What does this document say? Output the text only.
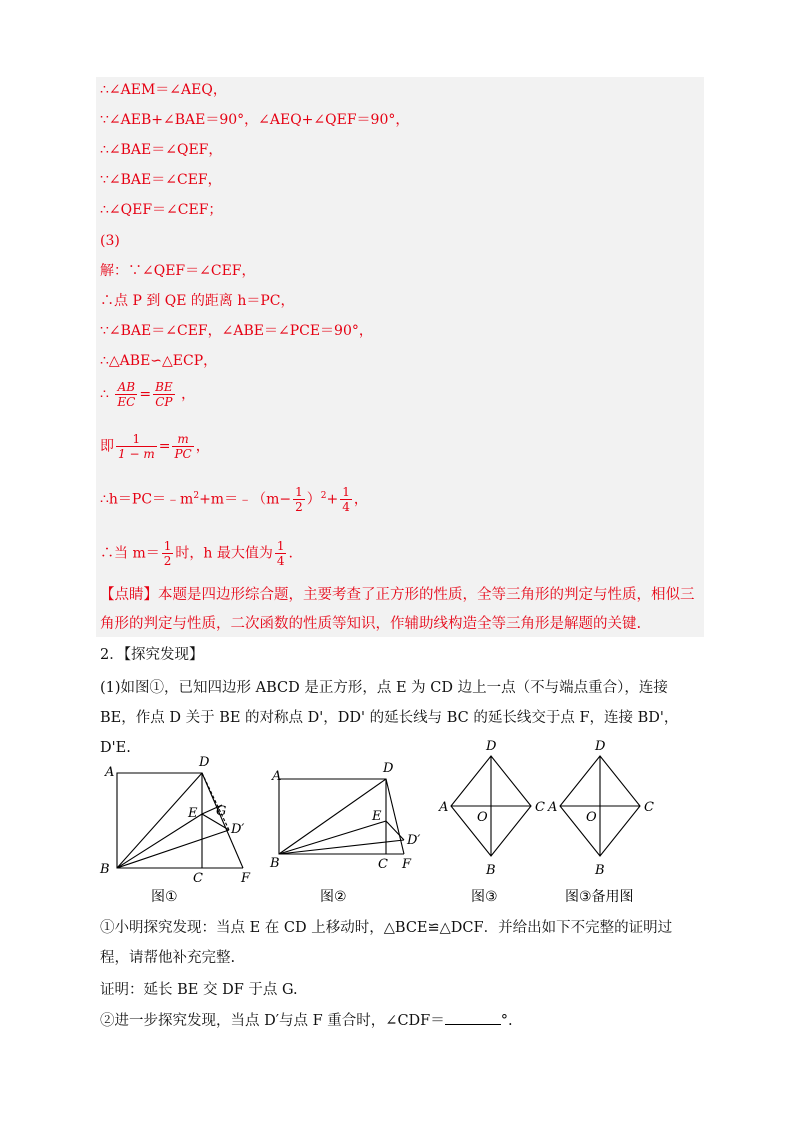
∴∠AEM＝∠AEQ，
∵∠AEB+∠BAE＝90°，∠AEQ+∠QEF＝90°，
∴∠BAE＝∠QEF，
∵∠BAE＝∠CEF，
∴∠QEF＝∠CEF；
(3)
解：∵∠QEF＝∠CEF，
∴点 P 到 QE 的距离 h＝PC，
∵∠BAE＝∠CEF，∠ABE＝∠PCE＝90°，
∴△ABE∽△ECP，
∴ $\frac{AB}{EC} = \frac{BE}{CP}$ ，
即 $\frac{1}{1 - m} = \frac{m}{PC}$ ，
$\therefore h=PC=﹣m^2+m=﹣(m- \frac{1}{2} )^2+ \frac{1}{4}$ ，
∴当 $m= \frac{1}{2}$ 时，h 最大值为 $\frac{1}{4}$ .
【点睛】本题是四边形综合题，主要考查了正方形的性质，全等三角形的判定与性质，相似三角形的判定与性质，二次函数的性质等知识，作辅助线构造全等三角形是解题的关键.
2．【探究发现】
(1)如图①，已知四边形 ABCD 是正方形，点 E 为 CD 边上一点（不与端点重合），连接 BE，作点 D 关于 BE 的对称点 D'，DD' 的延长线与 BC 的延长线交于点 F，连接 BD'，D'E.
A
D
G
E
D′
B
C	F
A
D
E
D′
B	C F
D
A
O
C
B
D
A
O
C
B
图①	图②	图③	图③备用图
①小明探究发现：当点 E 在 CD 上移动时，△BCE≌△DCF．并给出如下不完整的证明过程，请帮他补充完整.
证明：延长 BE 交 DF 于点 G.
②进一步探究发现，当点 D′与点 F 重合时，∠CDF＝	°.
